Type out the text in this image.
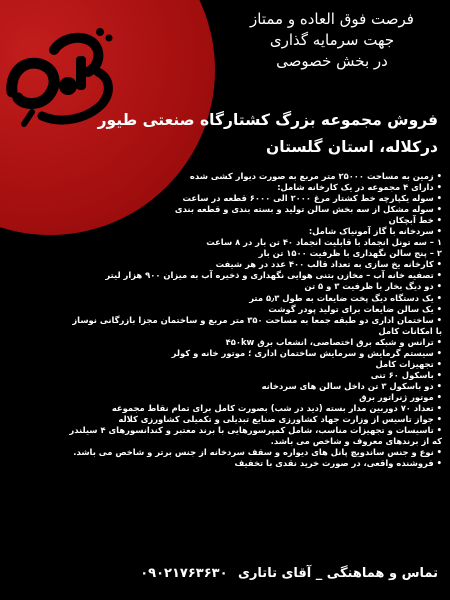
فرصت فوق العاده و ممتاز
جهت سرمایه گذاری
در بخش خصوصی
فروش مجموعه بزرگ کشتارگاه صنعتی طیور
درکلاله، استان گلستان
• زمین به مساحت ۲۵۰۰۰ متر مربع به صورت دیوار کشی شده
• دارای ۴ مجموعه در یک کارخانه شامل:
• سوله یکپارچه خط کشتار مرغ ۲۰۰۰ الی ۶۰۰۰ قطعه در ساعت
• سوله مشکل از سه بخش سالن تولید و بسته بندی و قطعه بندی
• خط آبچکان
• سردخانه با گاز آمونیاک شامل:
۱ – سه تونل انجماد با قابلیت انجماد ۴۰ تن بار در ۸ ساعت
۲ – پنج سالن نگهداری با ظرفیت ۱۵۰۰ تن بار
• کارخانه یخ سازی به تعداد قالب ۴۰۰ عدد در هر شیفت
• تصفیه خانه آب – مخازن بتنی هوایی نگهداری و ذخیره آب به میزان ۹۰۰ هزار لیتر
• دو دیگ بخار با ظرفیت ۳ و ۵ تن
• یک دستگاه دیگ پخت ضایعات به طول ۵٫۳ متر
• یک سالن ضایعات برای تولید پودر گوشت
• ساختمان اداری دو طبقه جمعا به مساحت ۳۵۰ متر مربع و ساختمان مجزا بازرگانی نوساز
با امکانات کامل
• ترانس و شبکه برق اختصاصی، انشعاب برق ۴۵۰kw
• سیستم گرمایش و سرمایش ساختمان اداری ؛ موتور خانه و کولر
• تجهیزات کامل
• باسکول ۶۰ تنی
• دو باسکول ۳ تن داخل سالن های سردخانه
• موتور ژنراتور برق
• تعداد ۷۰ دوربین مدار بسته (دید در شب) بصورت کامل برای تمام نقاط مجموعه
• جواز تاسیس از وزارت جهاد کشاورزی صنایع تبدیلی و تکمیلی کشاورزی کلاله
• تاسیسات و تجهیزات مناسب، شامل کمپرسورهایی با برند معتبر و کندانسورهای ۴ سیلندر
که از برندهای معروف و شاخص می باشد.
• نوع و جنس ساندویچ پانل های دیواره و سقف سردخانه از جنس برتر و شاخص می باشد.
• فروشنده واقعی، در صورت خرید نقدی با تخفیف
تماس و هماهنگی _ آقای تاتاری ۰۹۰۲۱۷۶۳۶۳۰
